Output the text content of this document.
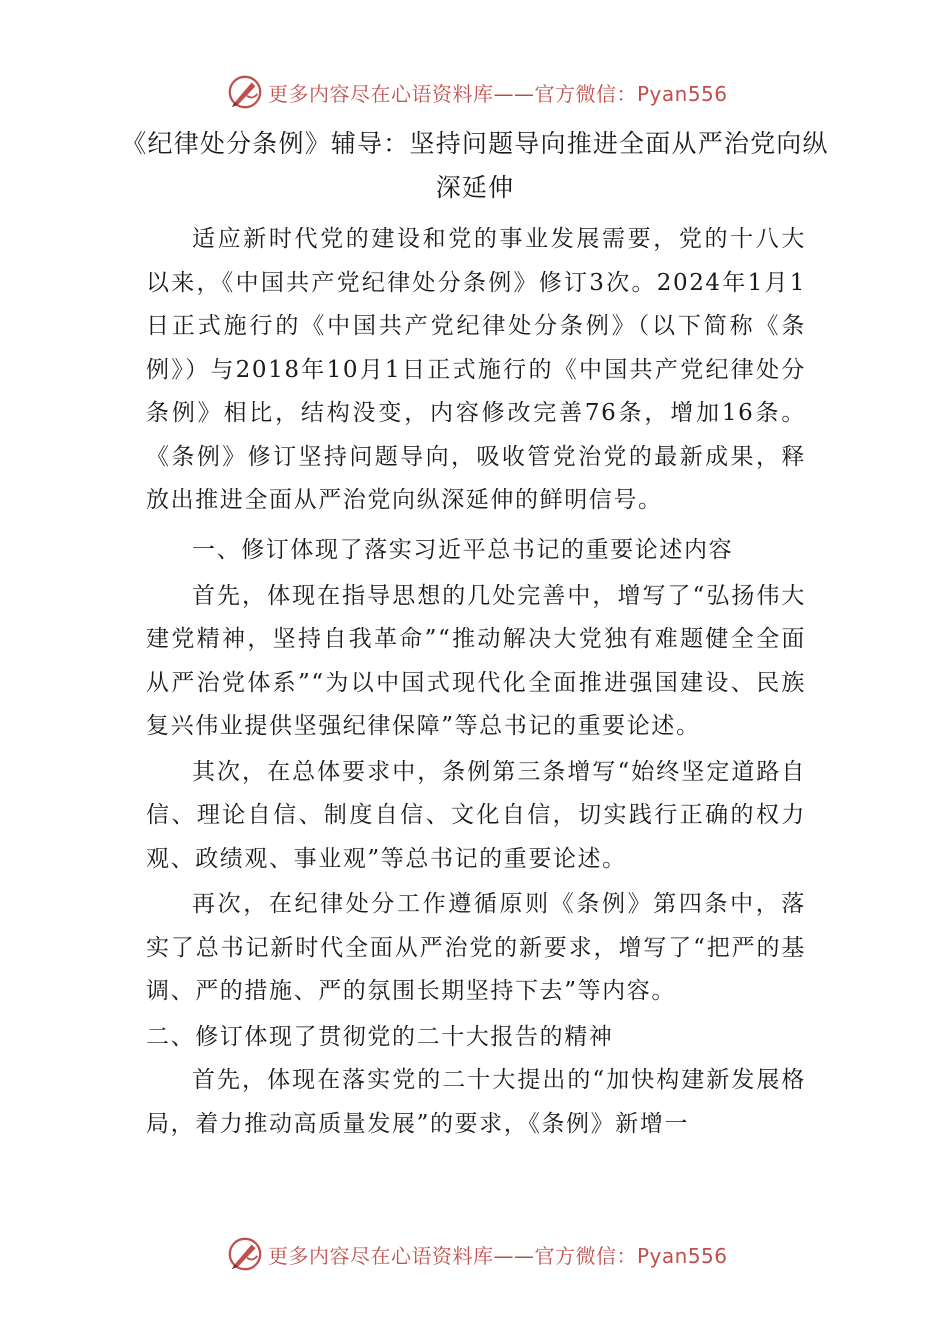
更多内容尽在心语资料库——官方微信：Pyan556
《纪律处分条例》辅导：坚持问题导向推进全面从严治党向纵深延伸

适应新时代党的建设和党的事业发展需要，党的十八大以来，《中国共产党纪律处分条例》修订3次。2024年1月1日正式施行的《中国共产党纪律处分条例》（以下简称《条例》）与2018年10月1日正式施行的《中国共产党纪律处分条例》相比，结构没变，内容修改完善76条，增加16条。《条例》修订坚持问题导向，吸收管党治党的最新成果，释放出推进全面从严治党向纵深延伸的鲜明信号。

一、修订体现了落实习近平总书记的重要论述内容

首先，体现在指导思想的几处完善中，增写了“弘扬伟大建党精神，坚持自我革命”“推动解决大党独有难题健全全面从严治党体系”“为以中国式现代化全面推进强国建设、民族复兴伟业提供坚强纪律保障”等总书记的重要论述。

其次，在总体要求中，条例第三条增写“始终坚定道路自信、理论自信、制度自信、文化自信，切实践行正确的权力观、政绩观、事业观”等总书记的重要论述。

再次，在纪律处分工作遵循原则《条例》第四条中，落实了总书记新时代全面从严治党的新要求，增写了“把严的基调、严的措施、严的氛围长期坚持下去”等内容。

二、修订体现了贯彻党的二十大报告的精神

首先，体现在落实党的二十大提出的“加快构建新发展格局，着力推动高质量发展”的要求，《条例》新增一

更多内容尽在心语资料库——官方微信：Pyan556
